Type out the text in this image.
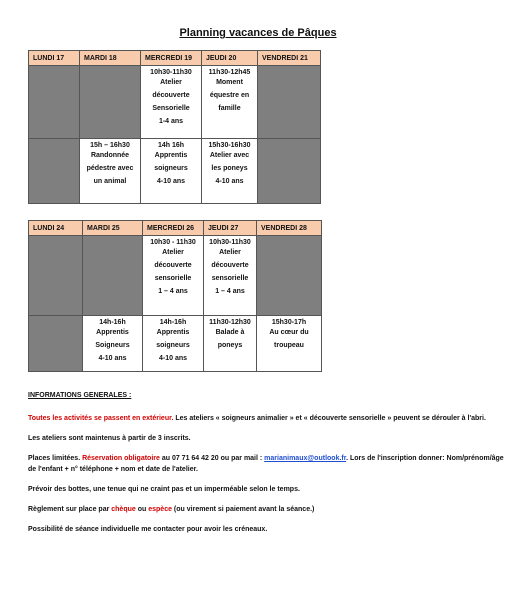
Planning vacances de Pâques
LUNDI 17	MARDI 18	MERCREDI 19	JEUDI 20	VENDREDI 21

		10h30-11h30
Atelier
découverte
Sensorielle
1-4 ans	11h30-12h45
Moment
équestre en
famille	

	15h – 16h30
Randonnée
pédestre avec
un animal	14h 16h
Apprentis
soigneurs
4-10 ans	15h30-16h30
Atelier avec
les poneys
4-10 ans	

LUNDI 24	MARDI 25	MERCREDI 26	JEUDI 27	VENDREDI 28

		10h30 - 11h30
Atelier
découverte
sensorielle
1 – 4 ans	10h30-11h30
Atelier
découverte
sensorielle
1 – 4 ans	

	14h-16h
Apprentis
Soigneurs
4-10 ans	14h-16h
Apprentis
soigneurs
4-10 ans	11h30-12h30
Balade à
poneys	15h30-17h
Au cœur du
troupeau

INFORMATIONS GENERALES :

Toutes les activités se passent en extérieur. Les ateliers « soigneurs animalier » et « découverte sensorielle » peuvent se dérouler à l'abri.

Les ateliers sont maintenus à partir de 3 inscrits.

Places limitées. Réservation obligatoire au 07 71 64 42 20 ou par mail : marianimaux@outlook.fr. Lors de l'inscription donner: Nom/prénom/âge de l'enfant + n° téléphone + nom et date de l'atelier.

Prévoir des bottes, une tenue qui ne craint pas et un imperméable selon le temps.

Règlement sur place par chèque ou espèce (ou virement si paiement avant la séance.)

Possibilité de séance individuelle me contacter pour avoir les créneaux.
